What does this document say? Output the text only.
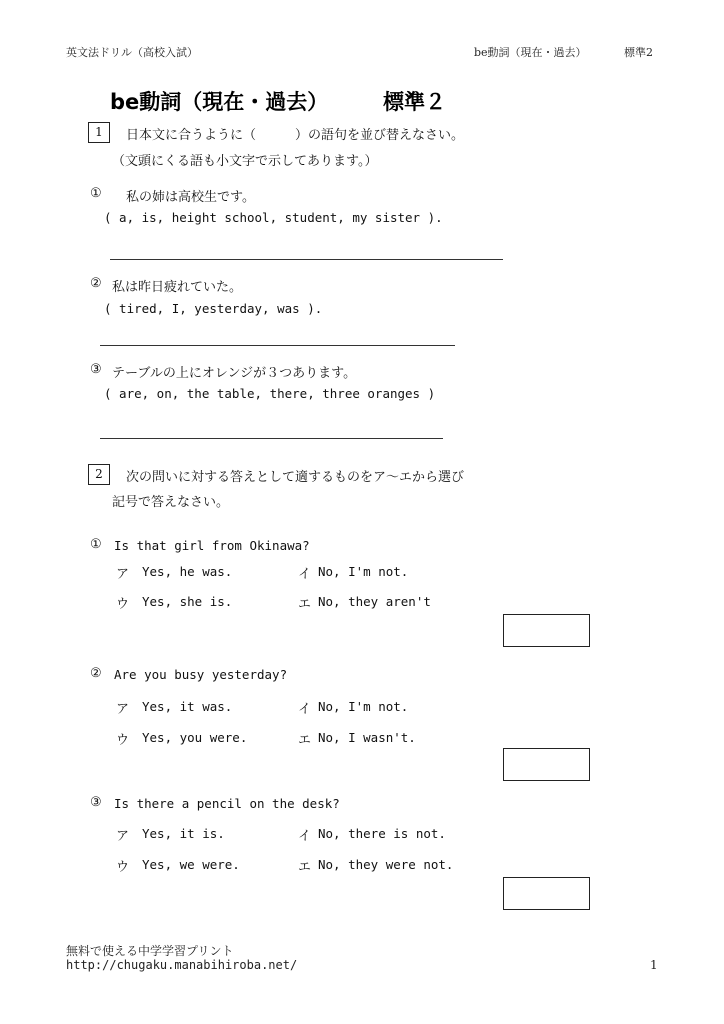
英文法ドリル（高校入試）	be動詞（現在・過去）	標準2
be動詞（現在・過去）	標準２
1	日本文に合うように（　　　）の語句を並び替えなさい。
（文頭にくる語も小文字で示してあります。）
① 私の姉は高校生です。
( a, is, height school, student, my sister ).
② 私は昨日疲れていた。
( tired, I, yesterday, was ).
③ テーブルの上にオレンジが３つあります。
( are, on, the table, there, three oranges )
2	次の問いに対する答えとして適するものをア～エから選び
記号で答えなさい。
① Is that girl from Okinawa?
ア Yes, he was.	イ No, I'm not.
ウ Yes, she is.	エ No, they aren't
② Are you busy yesterday?
ア Yes, it was.	イ No, I'm not.
ウ Yes, you were.	エ No, I wasn't.
③ Is there a pencil on the desk?
ア Yes, it is.	イ No, there is not.
ウ Yes, we were.	エ No, they were not.
無料で使える中学学習プリント
http://chugaku.manabihiroba.net/	1
